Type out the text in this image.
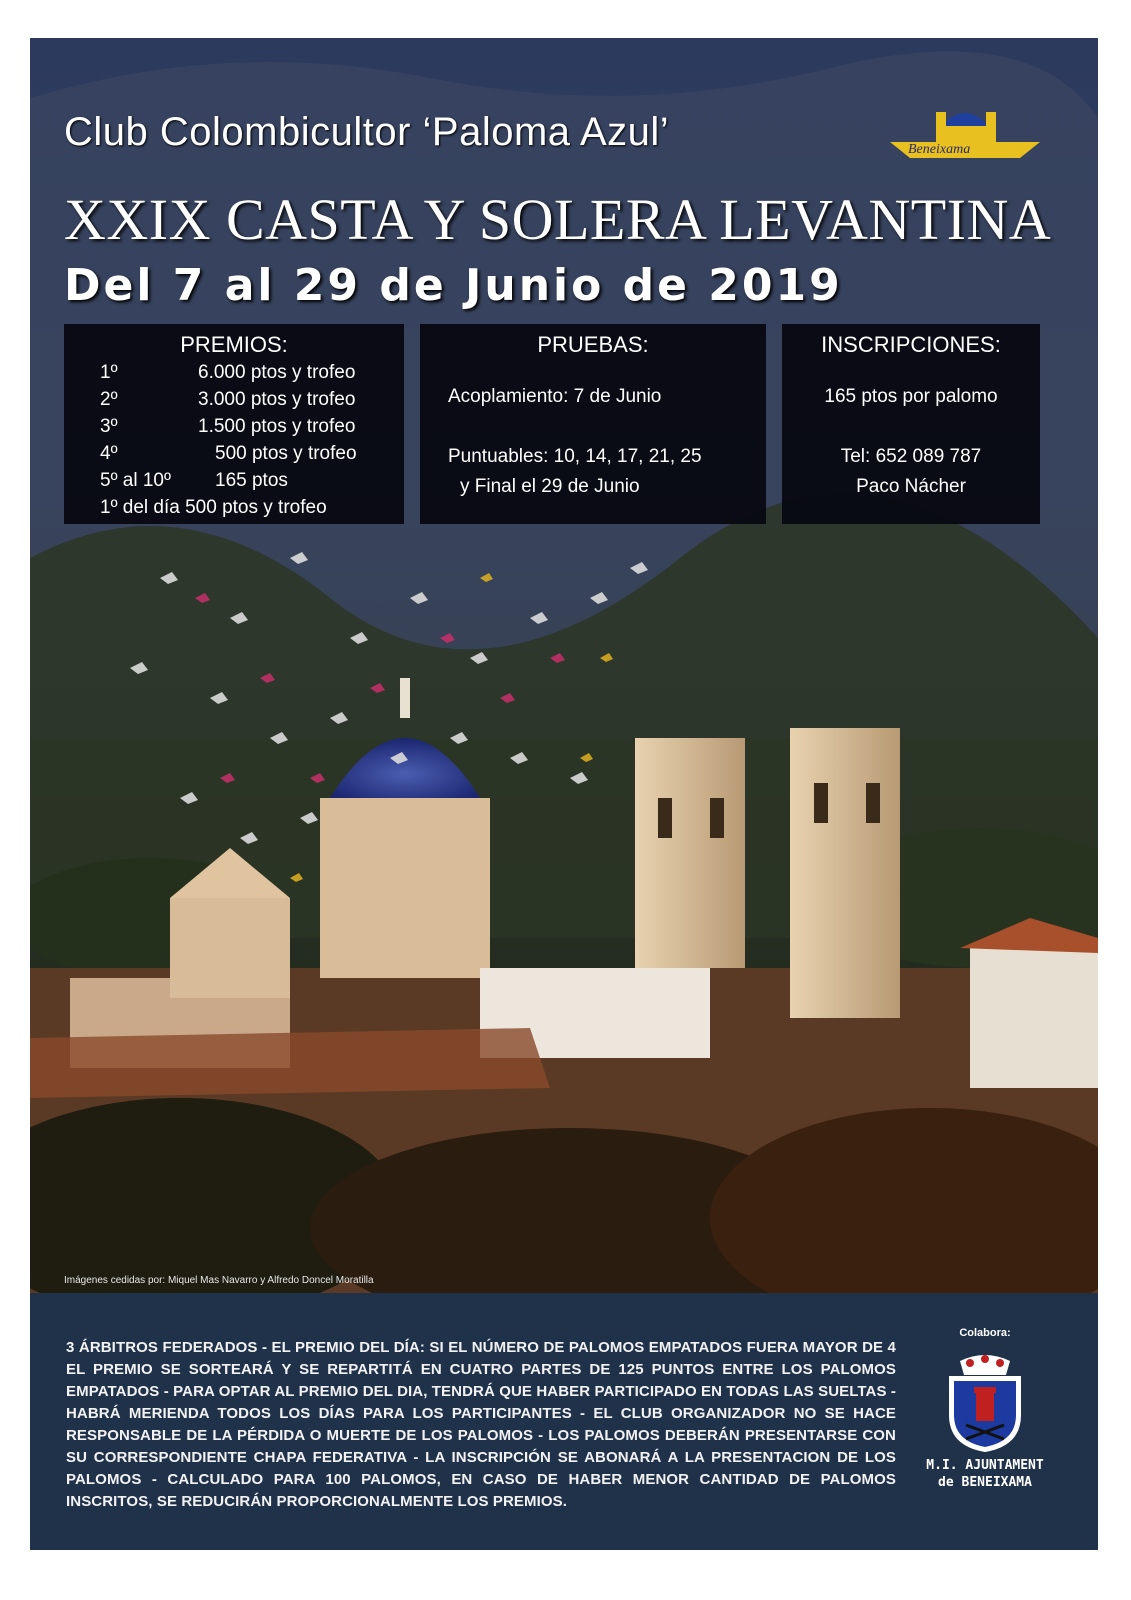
Club Colombicultor ‘Paloma Azul’	Beneixama
XXIX CASTA Y SOLERA LEVANTINA
Del 7 al 29 de Junio de 2019
PREMIOS:
1º	6.000 ptos y trofeo
2º	3.000 ptos y trofeo
3º	1.500 ptos y trofeo
4º	500 ptos y trofeo
5º al 10º 165 ptos
1º del día 500 ptos y trofeo
PRUEBAS:
Acoplamiento: 7 de Junio
Puntuables: 10, 14, 17, 21, 25
y Final el 29 de Junio
INSCRIPCIONES:
165 ptos por palomo
Tel: 652 089 787
Paco Nácher
Imágenes cedidas por: Miquel Mas Navarro y Alfredo Doncel Moratilla
3 ÁRBITROS FEDERADOS - EL PREMIO DEL DÍA: SI EL NÚMERO DE PALOMOS EMPATADOS FUERA MAYOR DE 4 EL PREMIO SE SORTEARÁ Y SE REPARTITÁ EN CUATRO PARTES DE 125 PUNTOS ENTRE LOS PALOMOS EMPATADOS - PARA OPTAR AL PREMIO DEL DIA, TENDRÁ QUE HABER PARTICIPADO EN TODAS LAS SUELTAS - HABRÁ MERIENDA TODOS LOS DÍAS PARA LOS PARTICIPANTES - EL CLUB ORGANIZADOR NO SE HACE RESPONSABLE DE LA PÉRDIDA O MUERTE DE LOS PALOMOS - LOS PALOMOS DEBERÁN PRESENTARSE CON SU CORRESPONDIENTE CHAPA FEDERATIVA - LA INSCRIPCIÓN SE ABONARÁ A LA PRESENTACION DE LOS PALOMOS - CALCULADO PARA 100 PALOMOS, EN CASO DE HABER MENOR CANTIDAD DE PALOMOS INSCRITOS, SE REDUCIRÁN PROPORCIONALMENTE LOS PREMIOS.
Colabora:
M.I. AJUNTAMENT
de BENEIXAMA
